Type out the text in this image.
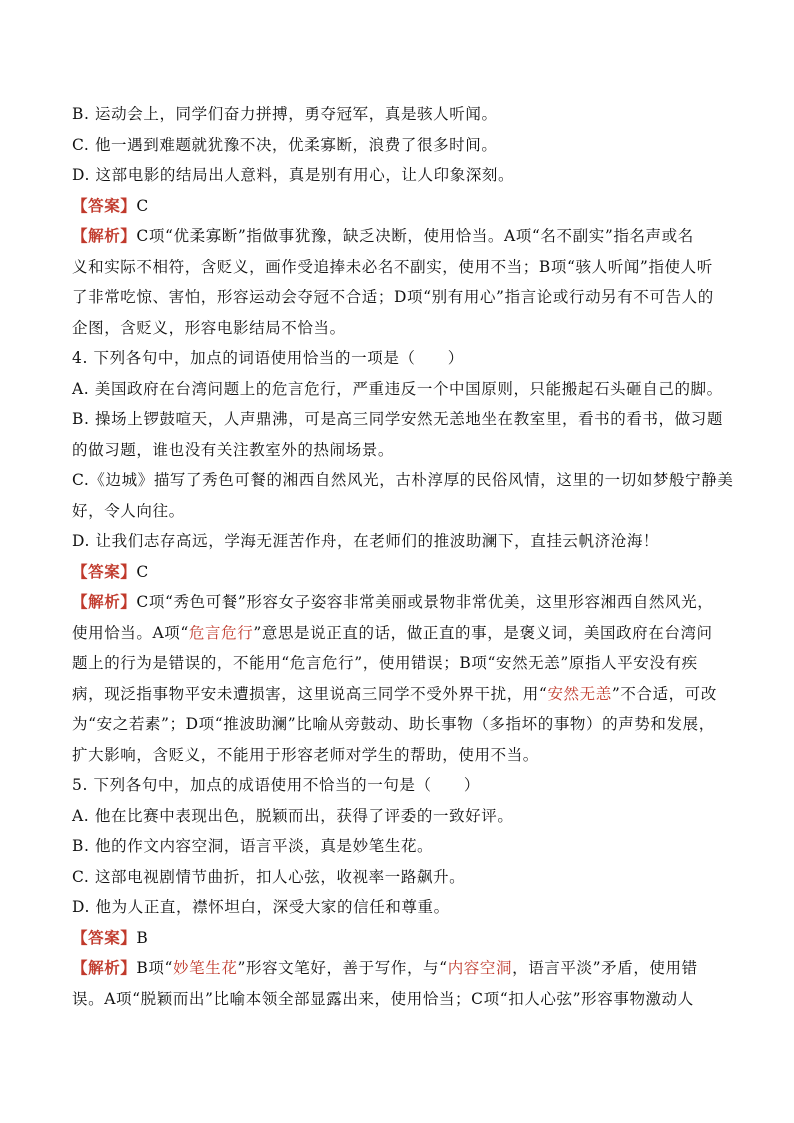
B. 运动会上，同学们奋力拼搏，勇夺冠军，真是骇人听闻。
C. 他一遇到难题就犹豫不决，优柔寡断，浪费了很多时间。
D. 这部电影的结局出人意料，真是别有用心，让人印象深刻。
【答案】C
【解析】C项“优柔寡断”指做事犹豫，缺乏决断，使用恰当。A项“名不副实”指名声或名
义和实际不相符，含贬义，画作受追捧未必名不副实，使用不当；B项“骇人听闻”指使人听
了非常吃惊、害怕，形容运动会夺冠不合适；D项“别有用心”指言论或行动另有不可告人的
企图，含贬义，形容电影结局不恰当。
4. 下列各句中，加点的词语使用恰当的一项是（　　）
A. 美国政府在台湾问题上的危言危行，严重违反一个中国原则，只能搬起石头砸自己的脚。
B. 操场上锣鼓喧天，人声鼎沸，可是高三同学安然无恙地坐在教室里，看书的看书，做习题
的做习题，谁也没有关注教室外的热闹场景。
C.《边城》描写了秀色可餐的湘西自然风光，古朴淳厚的民俗风情，这里的一切如梦般宁静美
好，令人向往。
D. 让我们志存高远，学海无涯苦作舟，在老师们的推波助澜下，直挂云帆济沧海！
【答案】C
【解析】C项“秀色可餐”形容女子姿容非常美丽或景物非常优美，这里形容湘西自然风光，
使用恰当。A项“危言危行”意思是说正直的话，做正直的事，是褒义词，美国政府在台湾问
题上的行为是错误的，不能用“危言危行”，使用错误；B项“安然无恙”原指人平安没有疾
病，现泛指事物平安未遭损害，这里说高三同学不受外界干扰，用“安然无恙”不合适，可改
为“安之若素”；D项“推波助澜”比喻从旁鼓动、助长事物（多指坏的事物）的声势和发展，
扩大影响，含贬义，不能用于形容老师对学生的帮助，使用不当。
5. 下列各句中，加点的成语使用不恰当的一句是（　　）
A. 他在比赛中表现出色，脱颖而出，获得了评委的一致好评。
B. 他的作文内容空洞，语言平淡，真是妙笔生花。
C. 这部电视剧情节曲折，扣人心弦，收视率一路飙升。
D. 他为人正直，襟怀坦白，深受大家的信任和尊重。
【答案】B
【解析】B项“妙笔生花”形容文笔好，善于写作，与“内容空洞，语言平淡”矛盾，使用错
误。A项“脱颖而出”比喻本领全部显露出来，使用恰当；C项“扣人心弦”形容事物激动人
